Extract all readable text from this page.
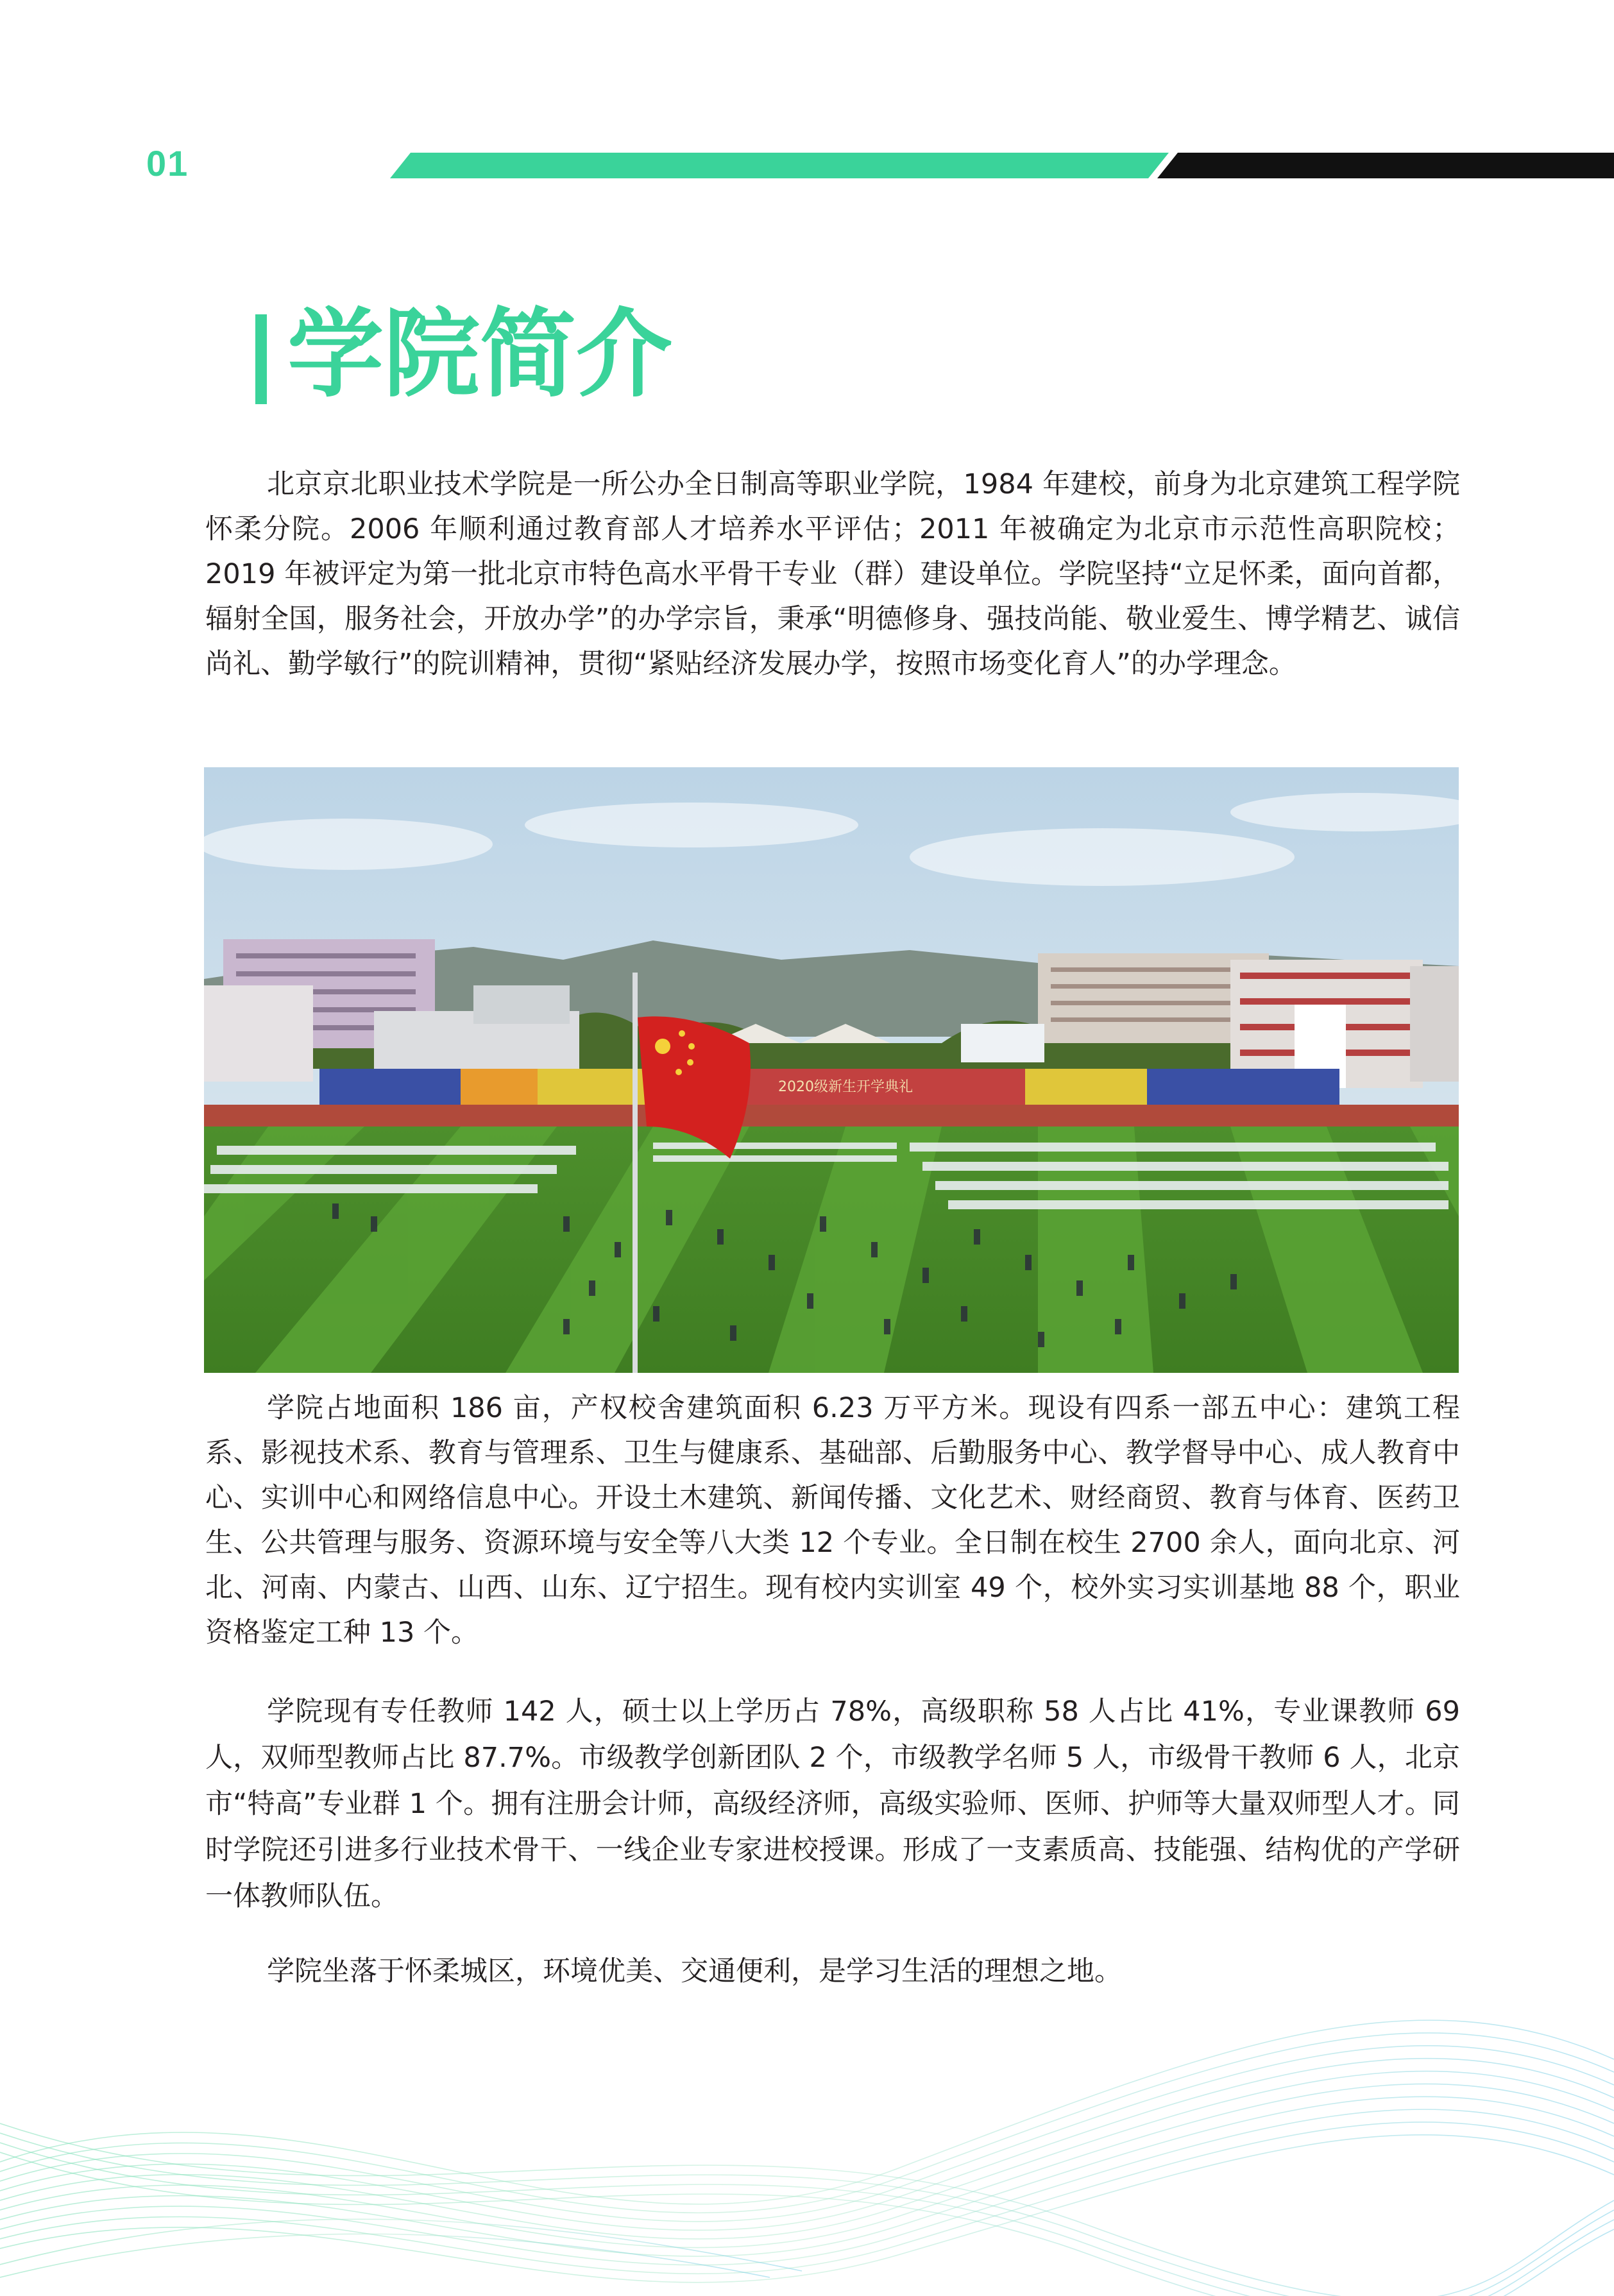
01
学院简介

北京京北职业技术学院是一所公办全日制高等职业学院，1984 年建校，前身为北京建筑工程学院怀柔分院。2006 年顺利通过教育部人才培养水平评估；2011 年被确定为北京市示范性高职院校；2019 年被评定为第一批北京市特色高水平骨干专业（群）建设单位。学院坚持“立足怀柔，面向首都，辐射全国，服务社会，开放办学”的办学宗旨，秉承“明德修身、强技尚能、敬业爱生、博学精艺、诚信尚礼、勤学敏行”的院训精神，贯彻“紧贴经济发展办学，按照市场变化育人”的办学理念。

2020级新生开学典礼

学院占地面积 186 亩，产权校舍建筑面积 6.23 万平方米。现设有四系一部五中心：建筑工程系、影视技术系、教育与管理系、卫生与健康系、基础部、后勤服务中心、教学督导中心、成人教育中心、实训中心和网络信息中心。开设土木建筑、新闻传播、文化艺术、财经商贸、教育与体育、医药卫生、公共管理与服务、资源环境与安全等八大类 12 个专业。全日制在校生 2700 余人，面向北京、河北、河南、内蒙古、山西、山东、辽宁招生。现有校内实训室 49 个，校外实习实训基地 88 个，职业资格鉴定工种 13 个。

学院现有专任教师 142 人，硕士以上学历占 78%，高级职称 58 人占比 41%，专业课教师 69 人，双师型教师占比 87.7%。市级教学创新团队 2 个，市级教学名师 5 人，市级骨干教师 6 人，北京市“特高”专业群 1 个。拥有注册会计师，高级经济师，高级实验师、医师、护师等大量双师型人才。同时学院还引进多行业技术骨干、一线企业专家进校授课。形成了一支素质高、技能强、结构优的产学研一体教师队伍。

学院坐落于怀柔城区，环境优美、交通便利，是学习生活的理想之地。
